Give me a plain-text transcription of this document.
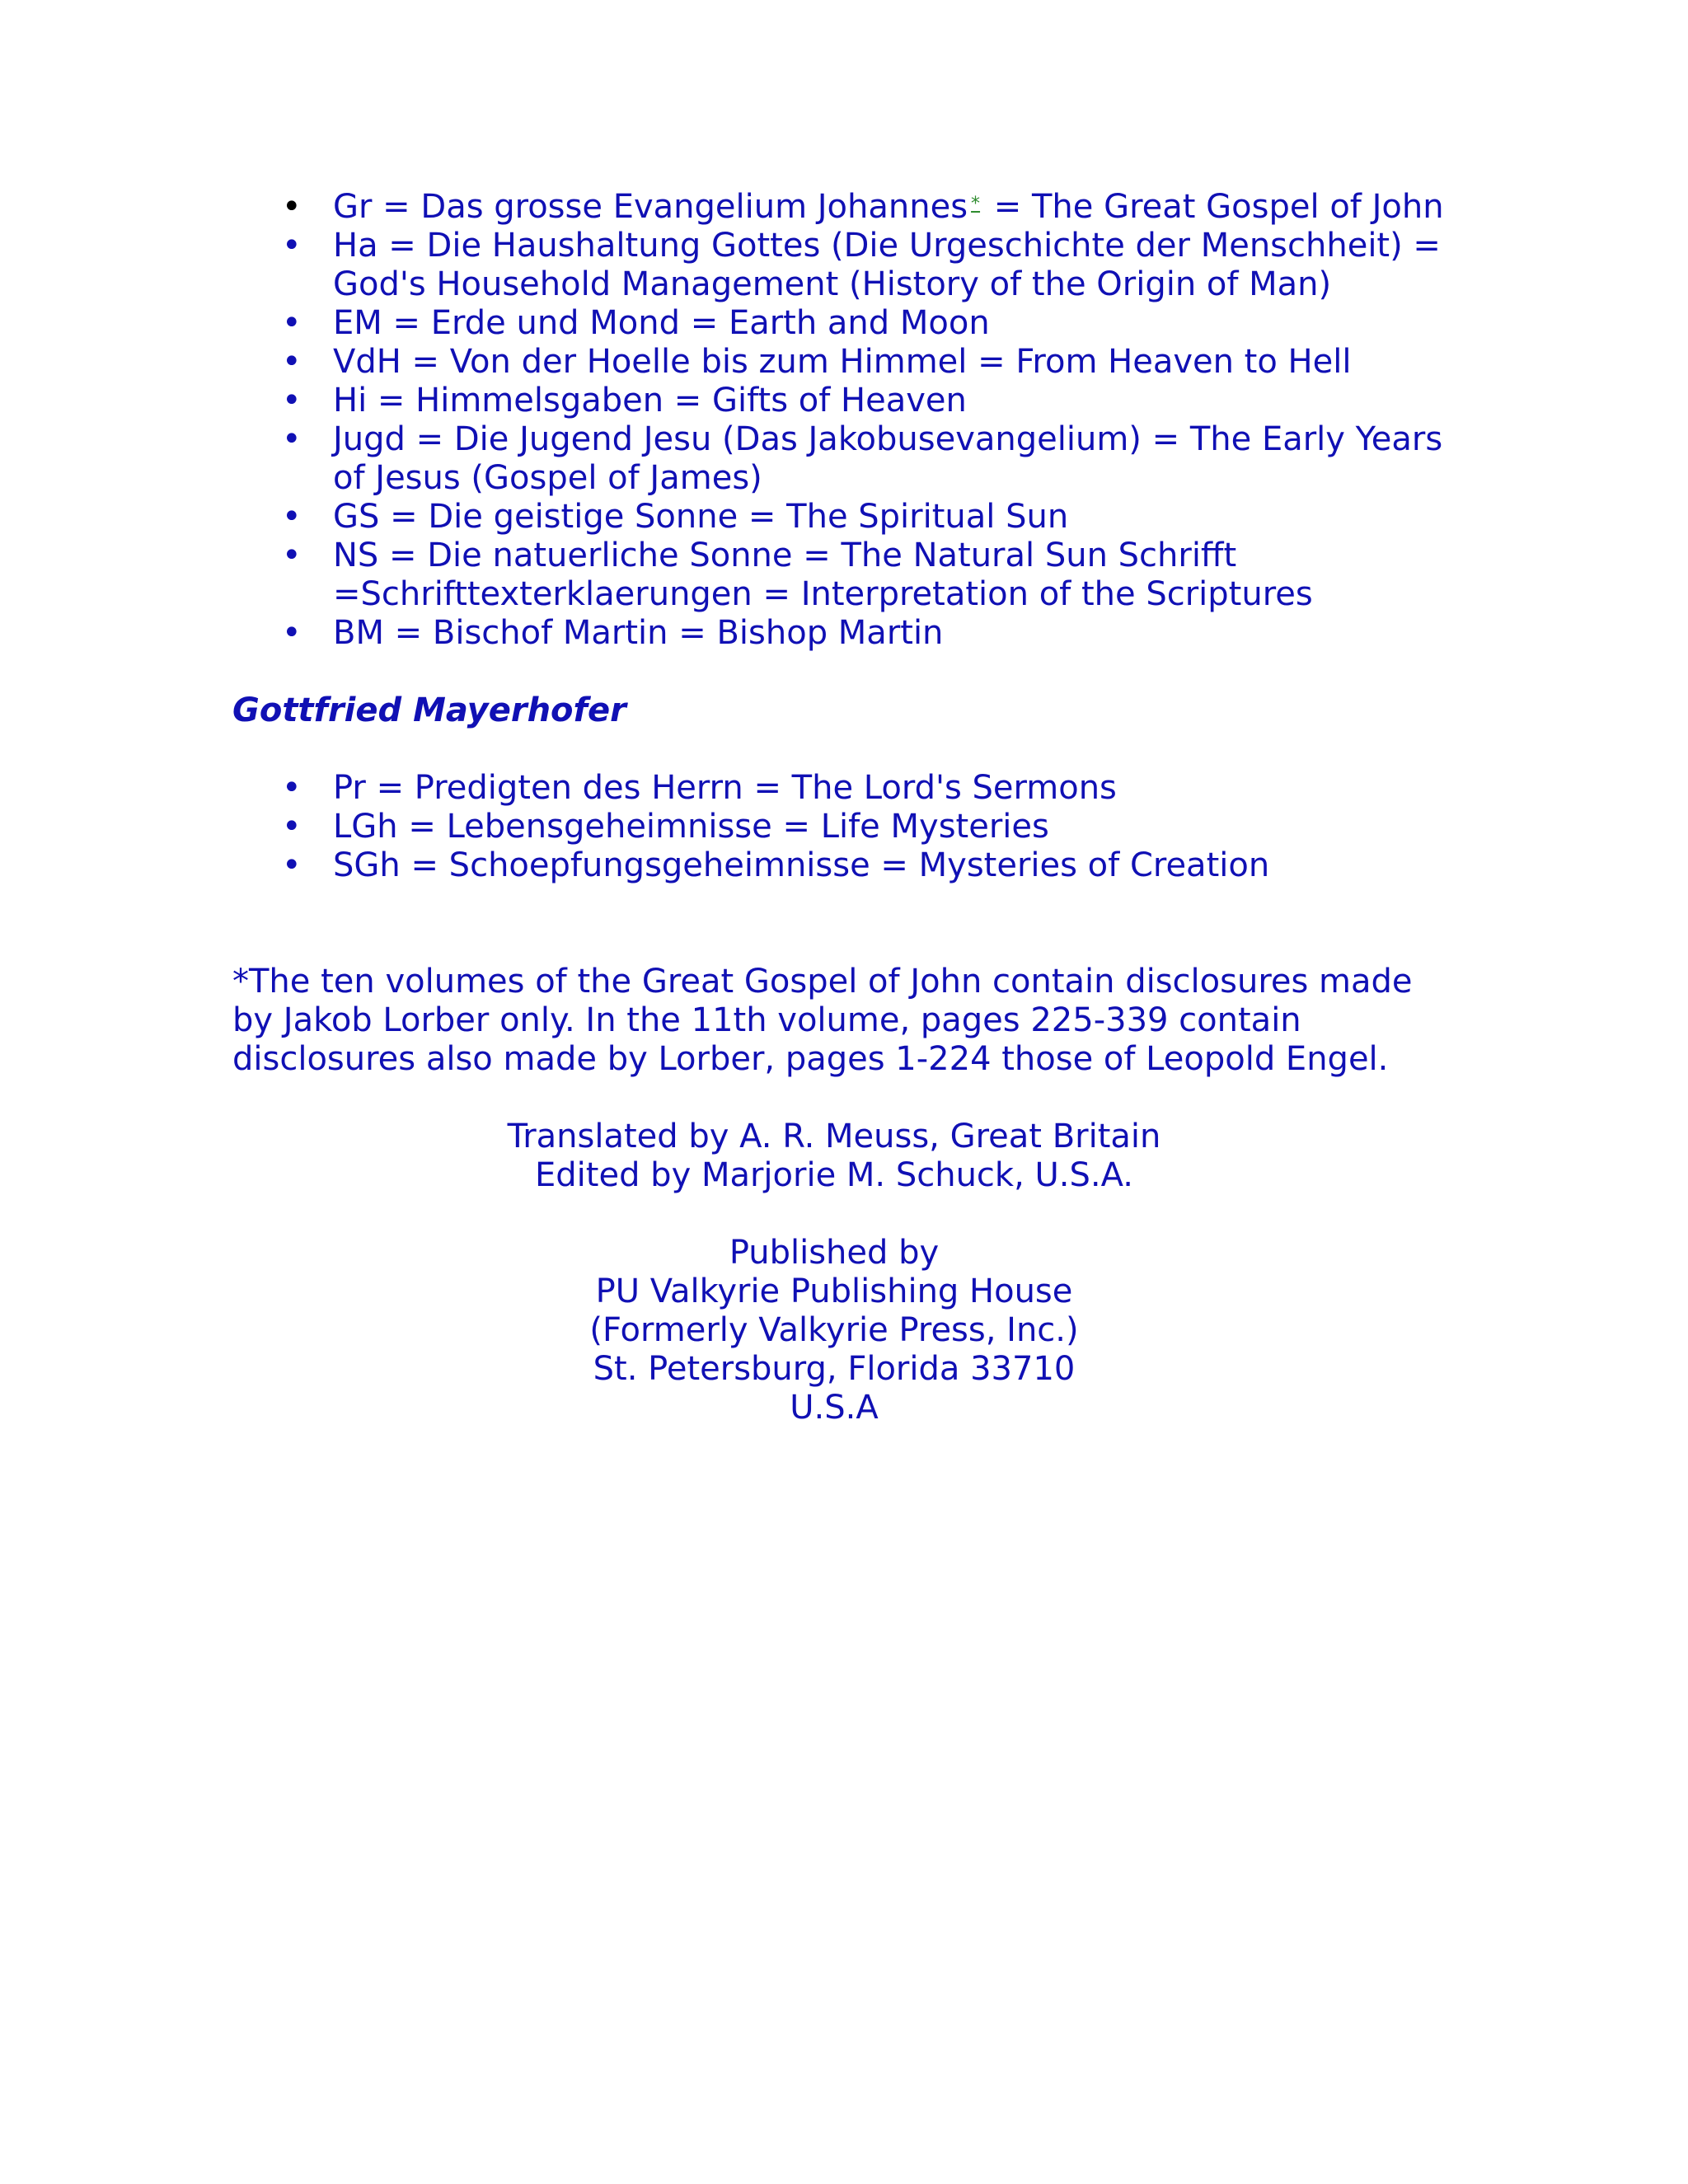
• Gr = Das grosse Evangelium Johannes * = The Great Gospel of John
• Ha = Die Haushaltung Gottes (Die Urgeschichte der Menschheit) = God's Household Management (History of the Origin of Man)
• EM = Erde und Mond = Earth and Moon
• VdH = Von der Hoelle bis zum Himmel = From Heaven to Hell
• Hi = Himmelsgaben = Gifts of Heaven
• Jugd = Die Jugend Jesu (Das Jakobusevangelium) = The Early Years of Jesus (Gospel of James)
• GS = Die geistige Sonne = The Spiritual Sun
• NS = Die natuerliche Sonne = The Natural Sun Schrifft =Schrifttexterklaerungen = Interpretation of the Scriptures
• BM = Bischof Martin = Bishop Martin
Gottfried Mayerhofer
• Pr = Predigten des Herrn = The Lord's Sermons
• LGh = Lebensgeheimnisse = Life Mysteries
• SGh = Schoepfungsgeheimnisse = Mysteries of Creation
*The ten volumes of the Great Gospel of John contain disclosures made by Jakob Lorber only. In the 11th volume, pages 225-339 contain disclosures also made by Lorber, pages 1-224 those of Leopold Engel.
Translated by A. R. Meuss, Great Britain
Edited by Marjorie M. Schuck, U.S.A.
Published by
PU Valkyrie Publishing House
(Formerly Valkyrie Press, Inc.)
St. Petersburg, Florida 33710
U.S.A
